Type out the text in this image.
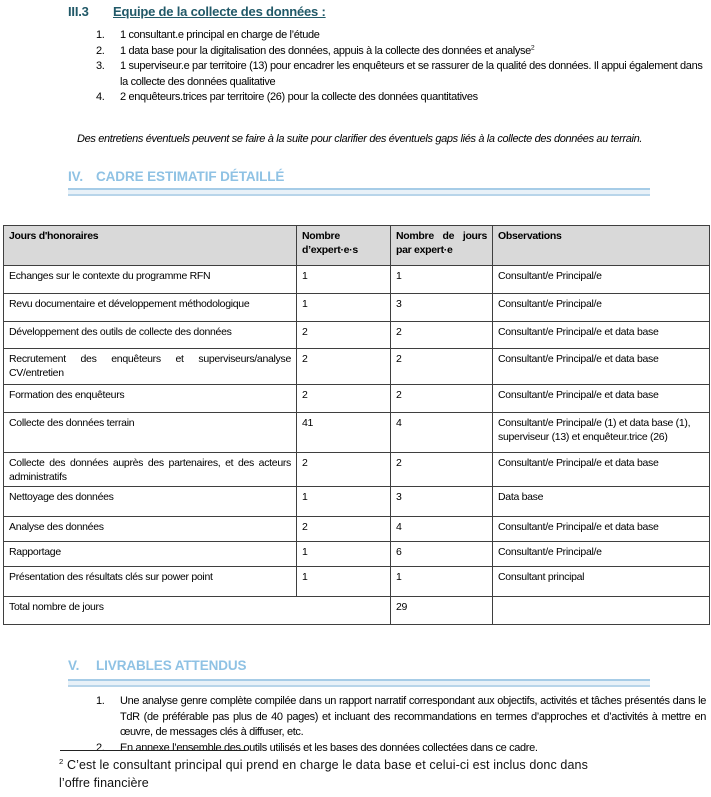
III.3	Equipe de la collecte des données :
1.	1 consultant.e principal en charge de l’étude
2.	1 data base pour la digitalisation des données, appuis à la collecte des données et analyse$^2$
3.	1 superviseur.e par territoire (13) pour encadrer les enquêteurs et se rassurer de la qualité des données. Il appui également dans la collecte des données qualitative
4.	2 enquêteurs.trices par territoire (26) pour la collecte des données quantitatives
Des entretiens éventuels peuvent se faire à la suite pour clarifier des éventuels gaps liés à la collecte des données au terrain.
IV. CADRE ESTIMATIF DÉTAILLÉ
Jours d'honoraires	Nombre d’expert·e·s	Nombre de jours par expert·e	Observations
Echanges sur le contexte du programme RFN	1	1	Consultant/e Principal/e
Revu documentaire et développement méthodologique	1	3	Consultant/e Principal/e
Développement des outils de collecte des données	2	2	Consultant/e Principal/e et data base
Recrutement des enquêteurs et superviseurs/analyse CV/entretien	2	2	Consultant/e Principal/e et data base
Formation des enquêteurs	2	2	Consultant/e Principal/e et data base
Collecte des données terrain	41	4	Consultant/e Principal/e (1) et data base (1), superviseur (13) et enquêteur.trice (26)
Collecte des données auprès des partenaires, et des acteurs administratifs	2	2	Consultant/e Principal/e et data base
Nettoyage des données	1	3	Data base
Analyse des données	2	4	Consultant/e Principal/e et data base
Rapportage	1	6	Consultant/e Principal/e
Présentation des résultats clés sur power point	1	1	Consultant principal
Total nombre de jours		29	
V.	LIVRABLES ATTENDUS
1.	Une analyse genre complète compilée dans un rapport narratif correspondant aux objectifs, activités et tâches présentés dans le TdR (de préférable pas plus de 40 pages) et incluant des recommandations en termes d’approches et d’activités à mettre en œuvre, de messages clés à diffuser, etc.
2.	En annexe l’ensemble des outils utilisés et les bases des données collectées dans ce cadre.
$^2$ C’est le consultant principal qui prend en charge le data base et celui-ci est inclus donc dans l’offre financière
